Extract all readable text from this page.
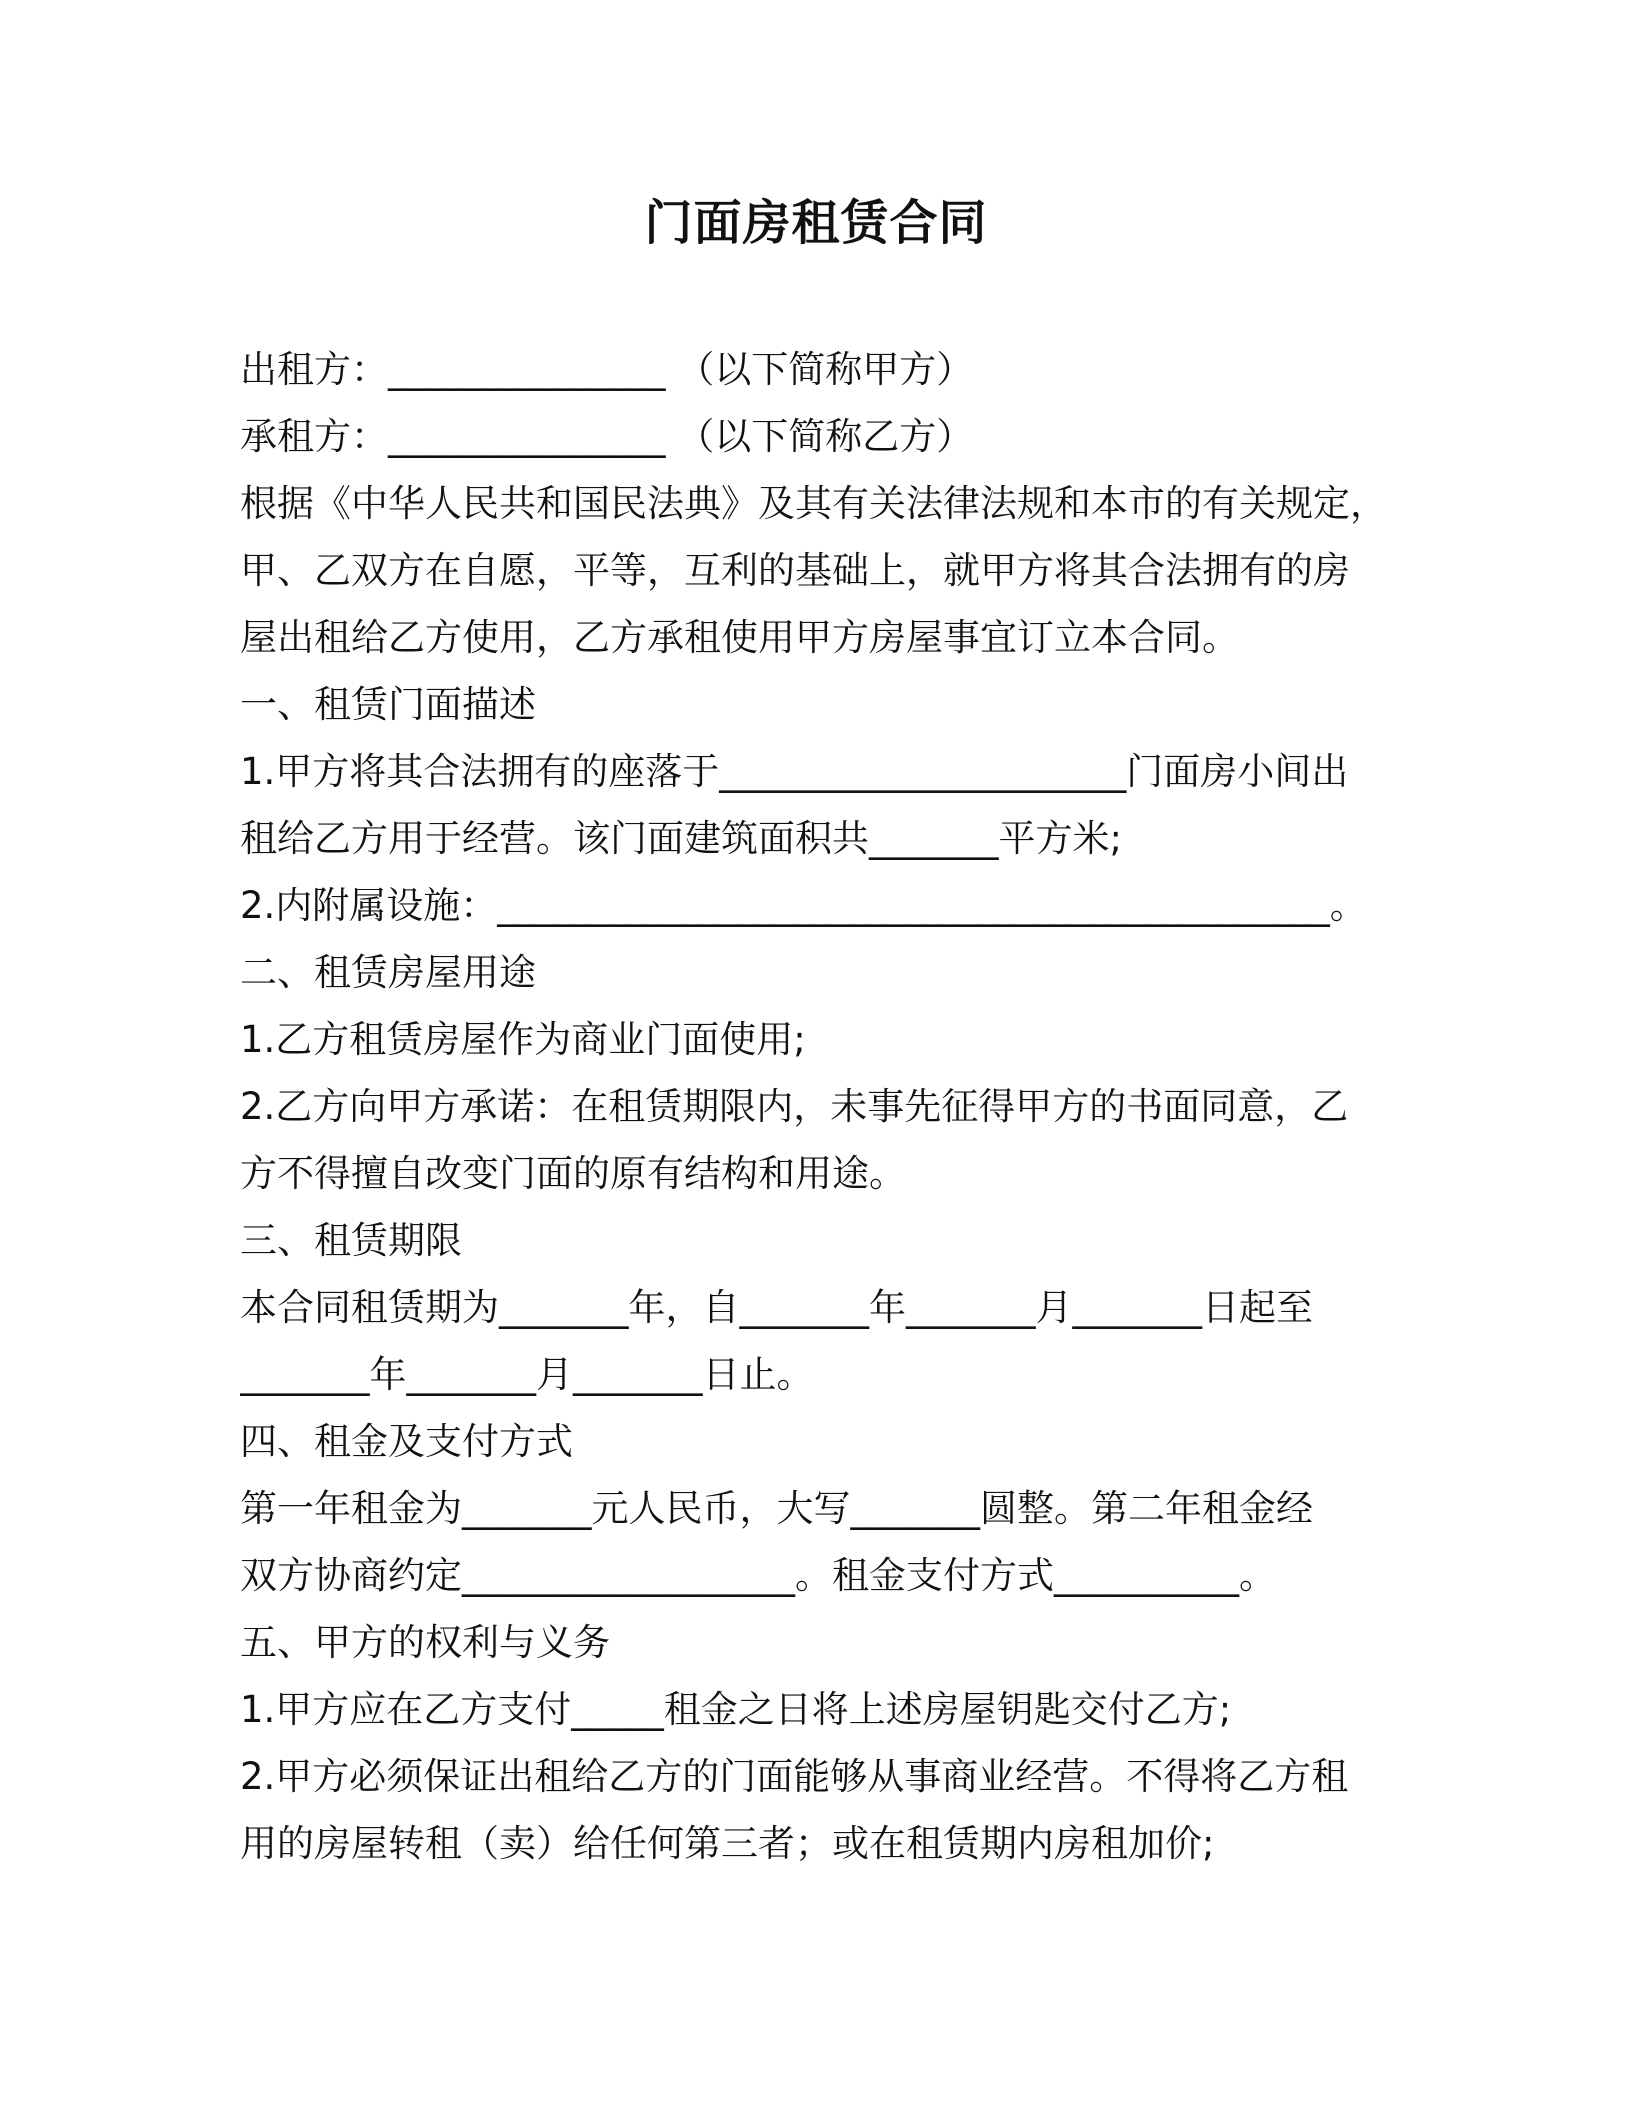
门面房租赁合同
出租方：_______________ （以下简称甲方）
承租方：_______________ （以下简称乙方）
根据《中华人民共和国民法典》及其有关法律法规和本市的有关规定，
甲、乙双方在自愿，平等，互利的基础上，就甲方将其合法拥有的房
屋出租给乙方使用，乙方承租使用甲方房屋事宜订立本合同。
一、租赁门面描述
1.甲方将其合法拥有的座落于______________________门面房小间出
租给乙方用于经营。该门面建筑面积共_______平方米;
2.内附属设施：_____________________________________________。
二、租赁房屋用途
1.乙方租赁房屋作为商业门面使用;
2.乙方向甲方承诺：在租赁期限内，未事先征得甲方的书面同意，乙
方不得擅自改变门面的原有结构和用途。
三、租赁期限
本合同租赁期为_______年，自_______年_______月_______日起至
_______年_______月_______日止。
四、租金及支付方式
第一年租金为_______元人民币，大写_______圆整。第二年租金经
双方协商约定__________________。租金支付方式__________。
五、甲方的权利与义务
1.甲方应在乙方支付_____租金之日将上述房屋钥匙交付乙方;
2.甲方必须保证出租给乙方的门面能够从事商业经营。不得将乙方租
用的房屋转租（卖）给任何第三者；或在租赁期内房租加价;
